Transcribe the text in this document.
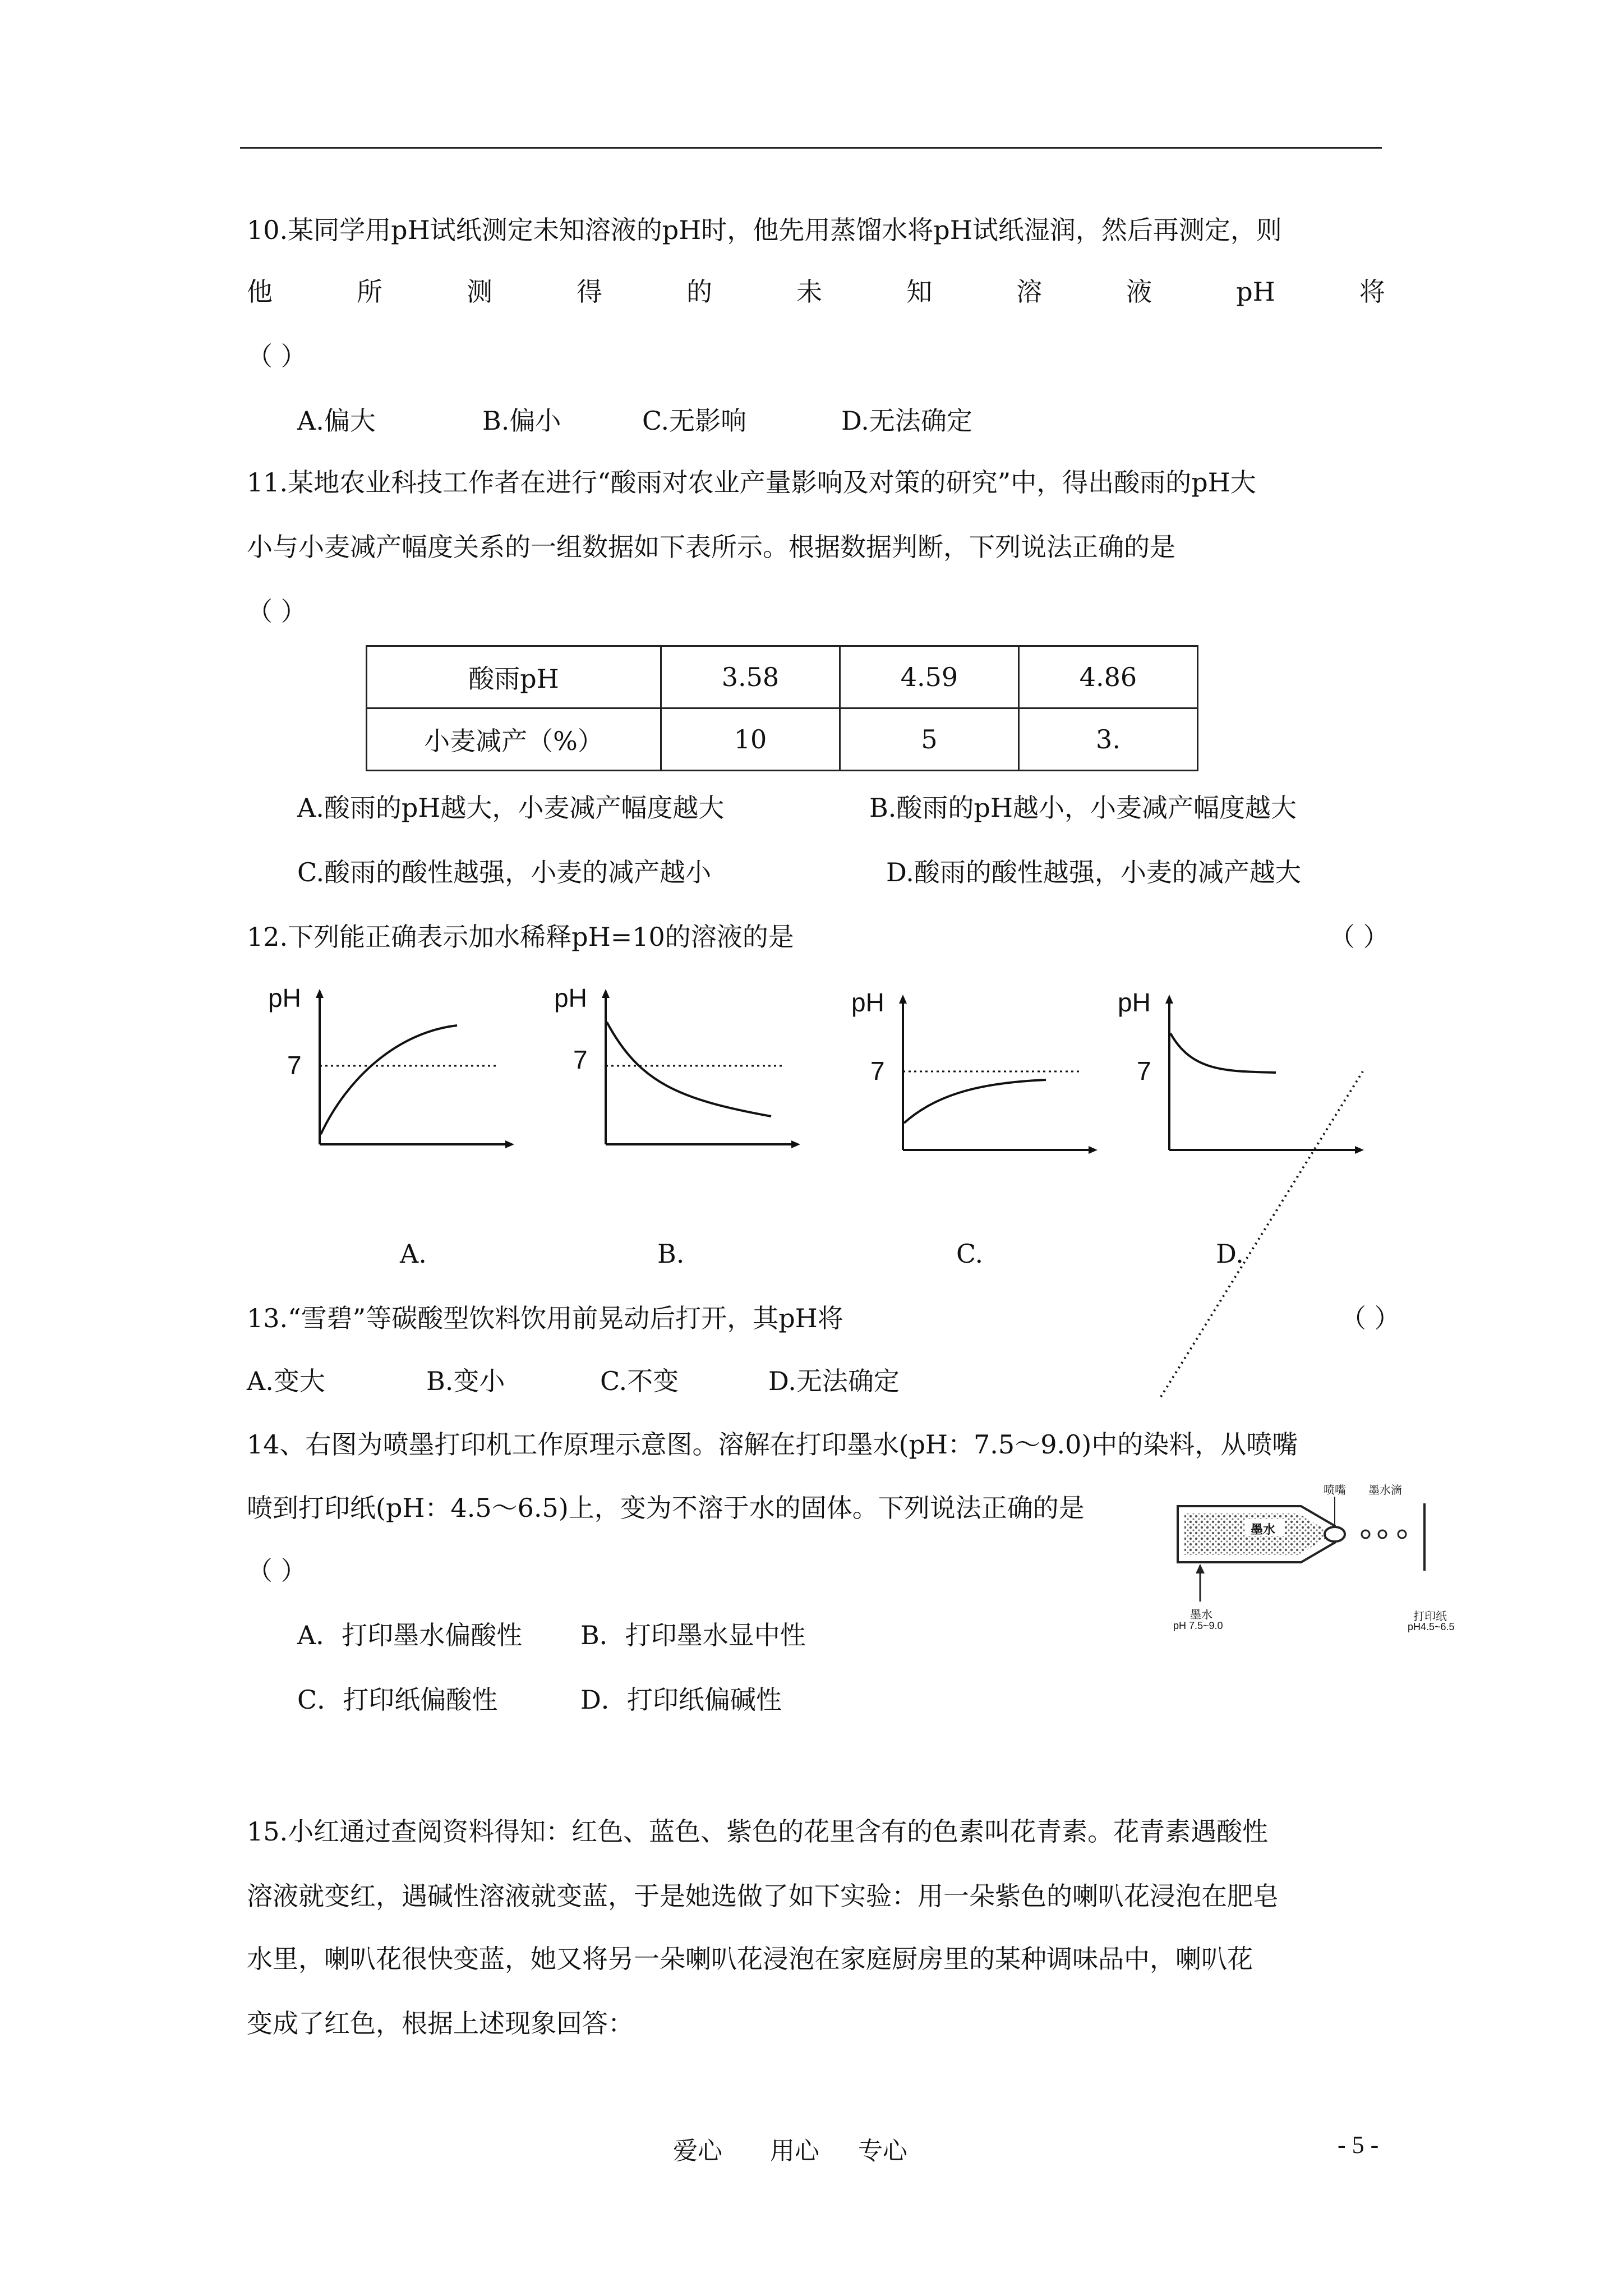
10.某同学用pH试纸测定未知溶液的pH时，他先用蒸馏水将pH试纸湿润，然后再测定，则
他	所	测	得	的	未	知	溶	液	pH	将
（ ）
A.偏大	B.偏小	C.无影响	D.无法确定
11.某地农业科技工作者在进行“酸雨对农业产量影响及对策的研究”中，得出酸雨的pH大
小与小麦减产幅度关系的一组数据如下表所示。根据数据判断，下列说法正确的是
（ ）
酸雨pH	3.58	4.59	4.86
小麦减产（%）	10	5	3.
A.酸雨的pH越大，小麦减产幅度越大	B.酸雨的pH越小，小麦减产幅度越大
C.酸雨的酸性越强，小麦的减产越小	D.酸雨的酸性越强，小麦的减产越大
12.下列能正确表示加水稀释pH=10的溶液的是	（ ）
pH
7
A.
pH
7
B.
pH
7
C.
pH
7
D.
13.“雪碧”等碳酸型饮料饮用前晃动后打开，其pH将	（ ）
A.变大	B.变小	C.不变	D.无法确定
14、右图为喷墨打印机工作原理示意图。溶解在打印墨水(pH：7.5～9.0)中的染料，从喷嘴
喷到打印纸(pH：4.5～6.5)上，变为不溶于水的固体。下列说法正确的是
（ ）
A．打印墨水偏酸性 B．打印墨水显中性
C．打印纸偏酸性	D．打印纸偏碱性
喷嘴 墨水滴
墨水
墨水
pH 7.5~9.0
打印纸
pH4.5~6.5
15.小红通过查阅资料得知：红色、蓝色、紫色的花里含有的色素叫花青素。花青素遇酸性
溶液就变红，遇碱性溶液就变蓝，于是她选做了如下实验：用一朵紫色的喇叭花浸泡在肥皂
水里，喇叭花很快变蓝，她又将另一朵喇叭花浸泡在家庭厨房里的某种调味品中，喇叭花
变成了红色，根据上述现象回答：
爱心 用心 专心	- 5 -
